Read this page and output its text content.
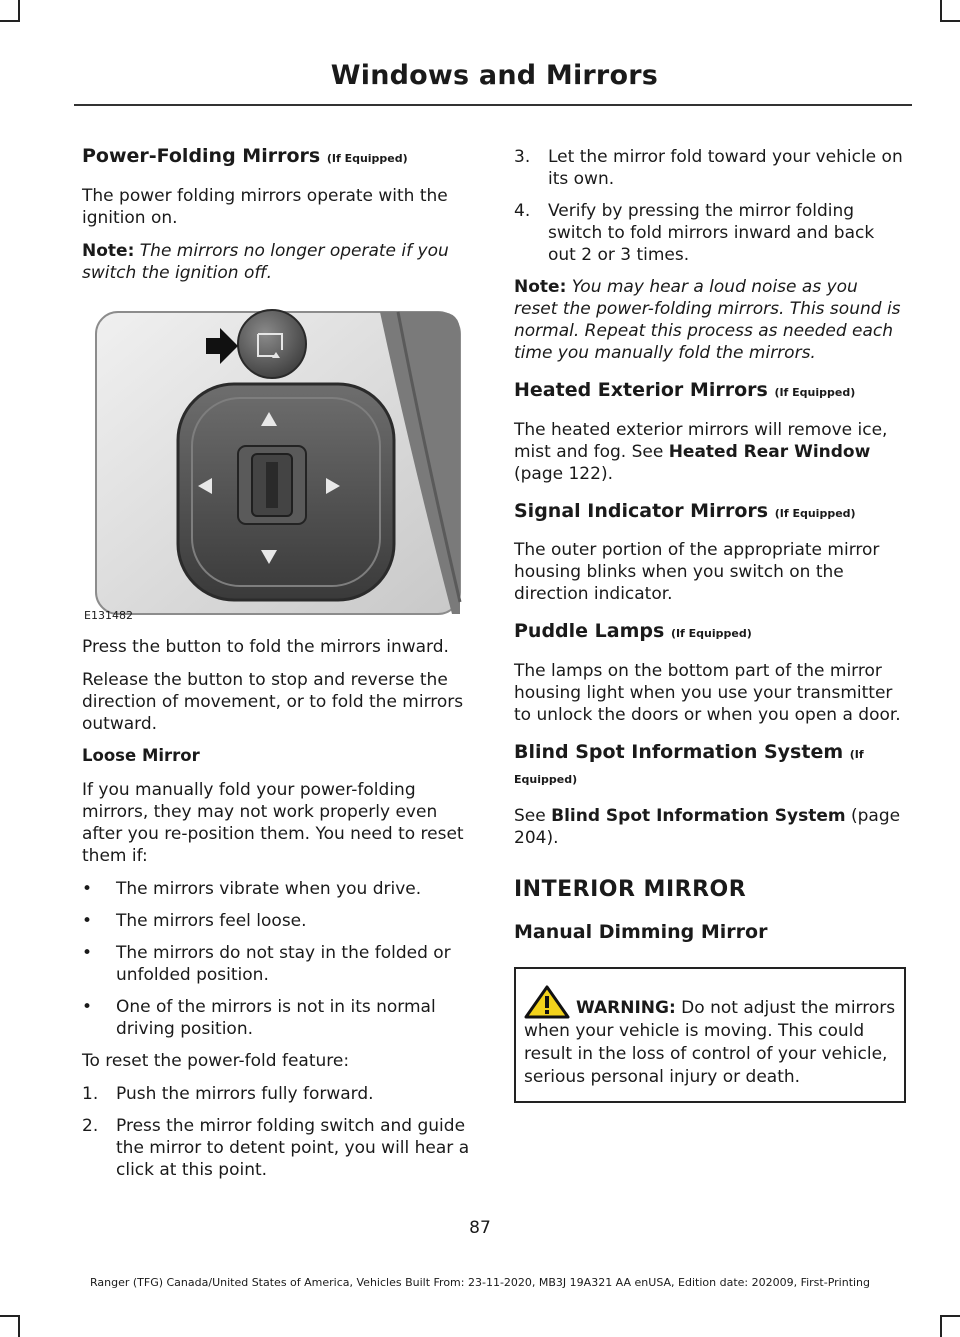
Windows and Mirrors
Power-Folding Mirrors (If Equipped)

The power folding mirrors operate with the ignition on.

Note: The mirrors no longer operate if you switch the ignition off.

E131482

Press the button to fold the mirrors inward.

Release the button to stop and reverse the direction of movement, or to fold the mirrors outward.

Loose Mirror

If you manually fold your power-folding mirrors, they may not work properly even after you re-position them. You need to reset them if:

• The mirrors vibrate when you drive.
• The mirrors feel loose.
• The mirrors do not stay in the folded or unfolded position.
• One of the mirrors is not in its normal driving position.

To reset the power-fold feature:

1. Push the mirrors fully forward.
2. Press the mirror folding switch and guide the mirror to detent point, you will hear a click at this point.
3. Let the mirror fold toward your vehicle on its own.
4. Verify by pressing the mirror folding switch to fold mirrors inward and back out 2 or 3 times.

Note: You may hear a loud noise as you reset the power-folding mirrors. This sound is normal. Repeat this process as needed each time you manually fold the mirrors.

Heated Exterior Mirrors (If Equipped)

The heated exterior mirrors will remove ice, mist and fog. See Heated Rear Window (page 122).

Signal Indicator Mirrors (If Equipped)

The outer portion of the appropriate mirror housing blinks when you switch on the direction indicator.

Puddle Lamps (If Equipped)

The lamps on the bottom part of the mirror housing light when you use your transmitter to unlock the doors or when you open a door.

Blind Spot Information System (If Equipped)

See Blind Spot Information System (page 204).

INTERIOR MIRROR
Manual Dimming Mirror

WARNING: Do not adjust the mirrors when your vehicle is moving. This could result in the loss of control of your vehicle, serious personal injury or death.

87
Ranger (TFG) Canada/United States of America, Vehicles Built From: 23-11-2020, MB3J 19A321 AA enUSA, Edition date: 202009, First-Printing
